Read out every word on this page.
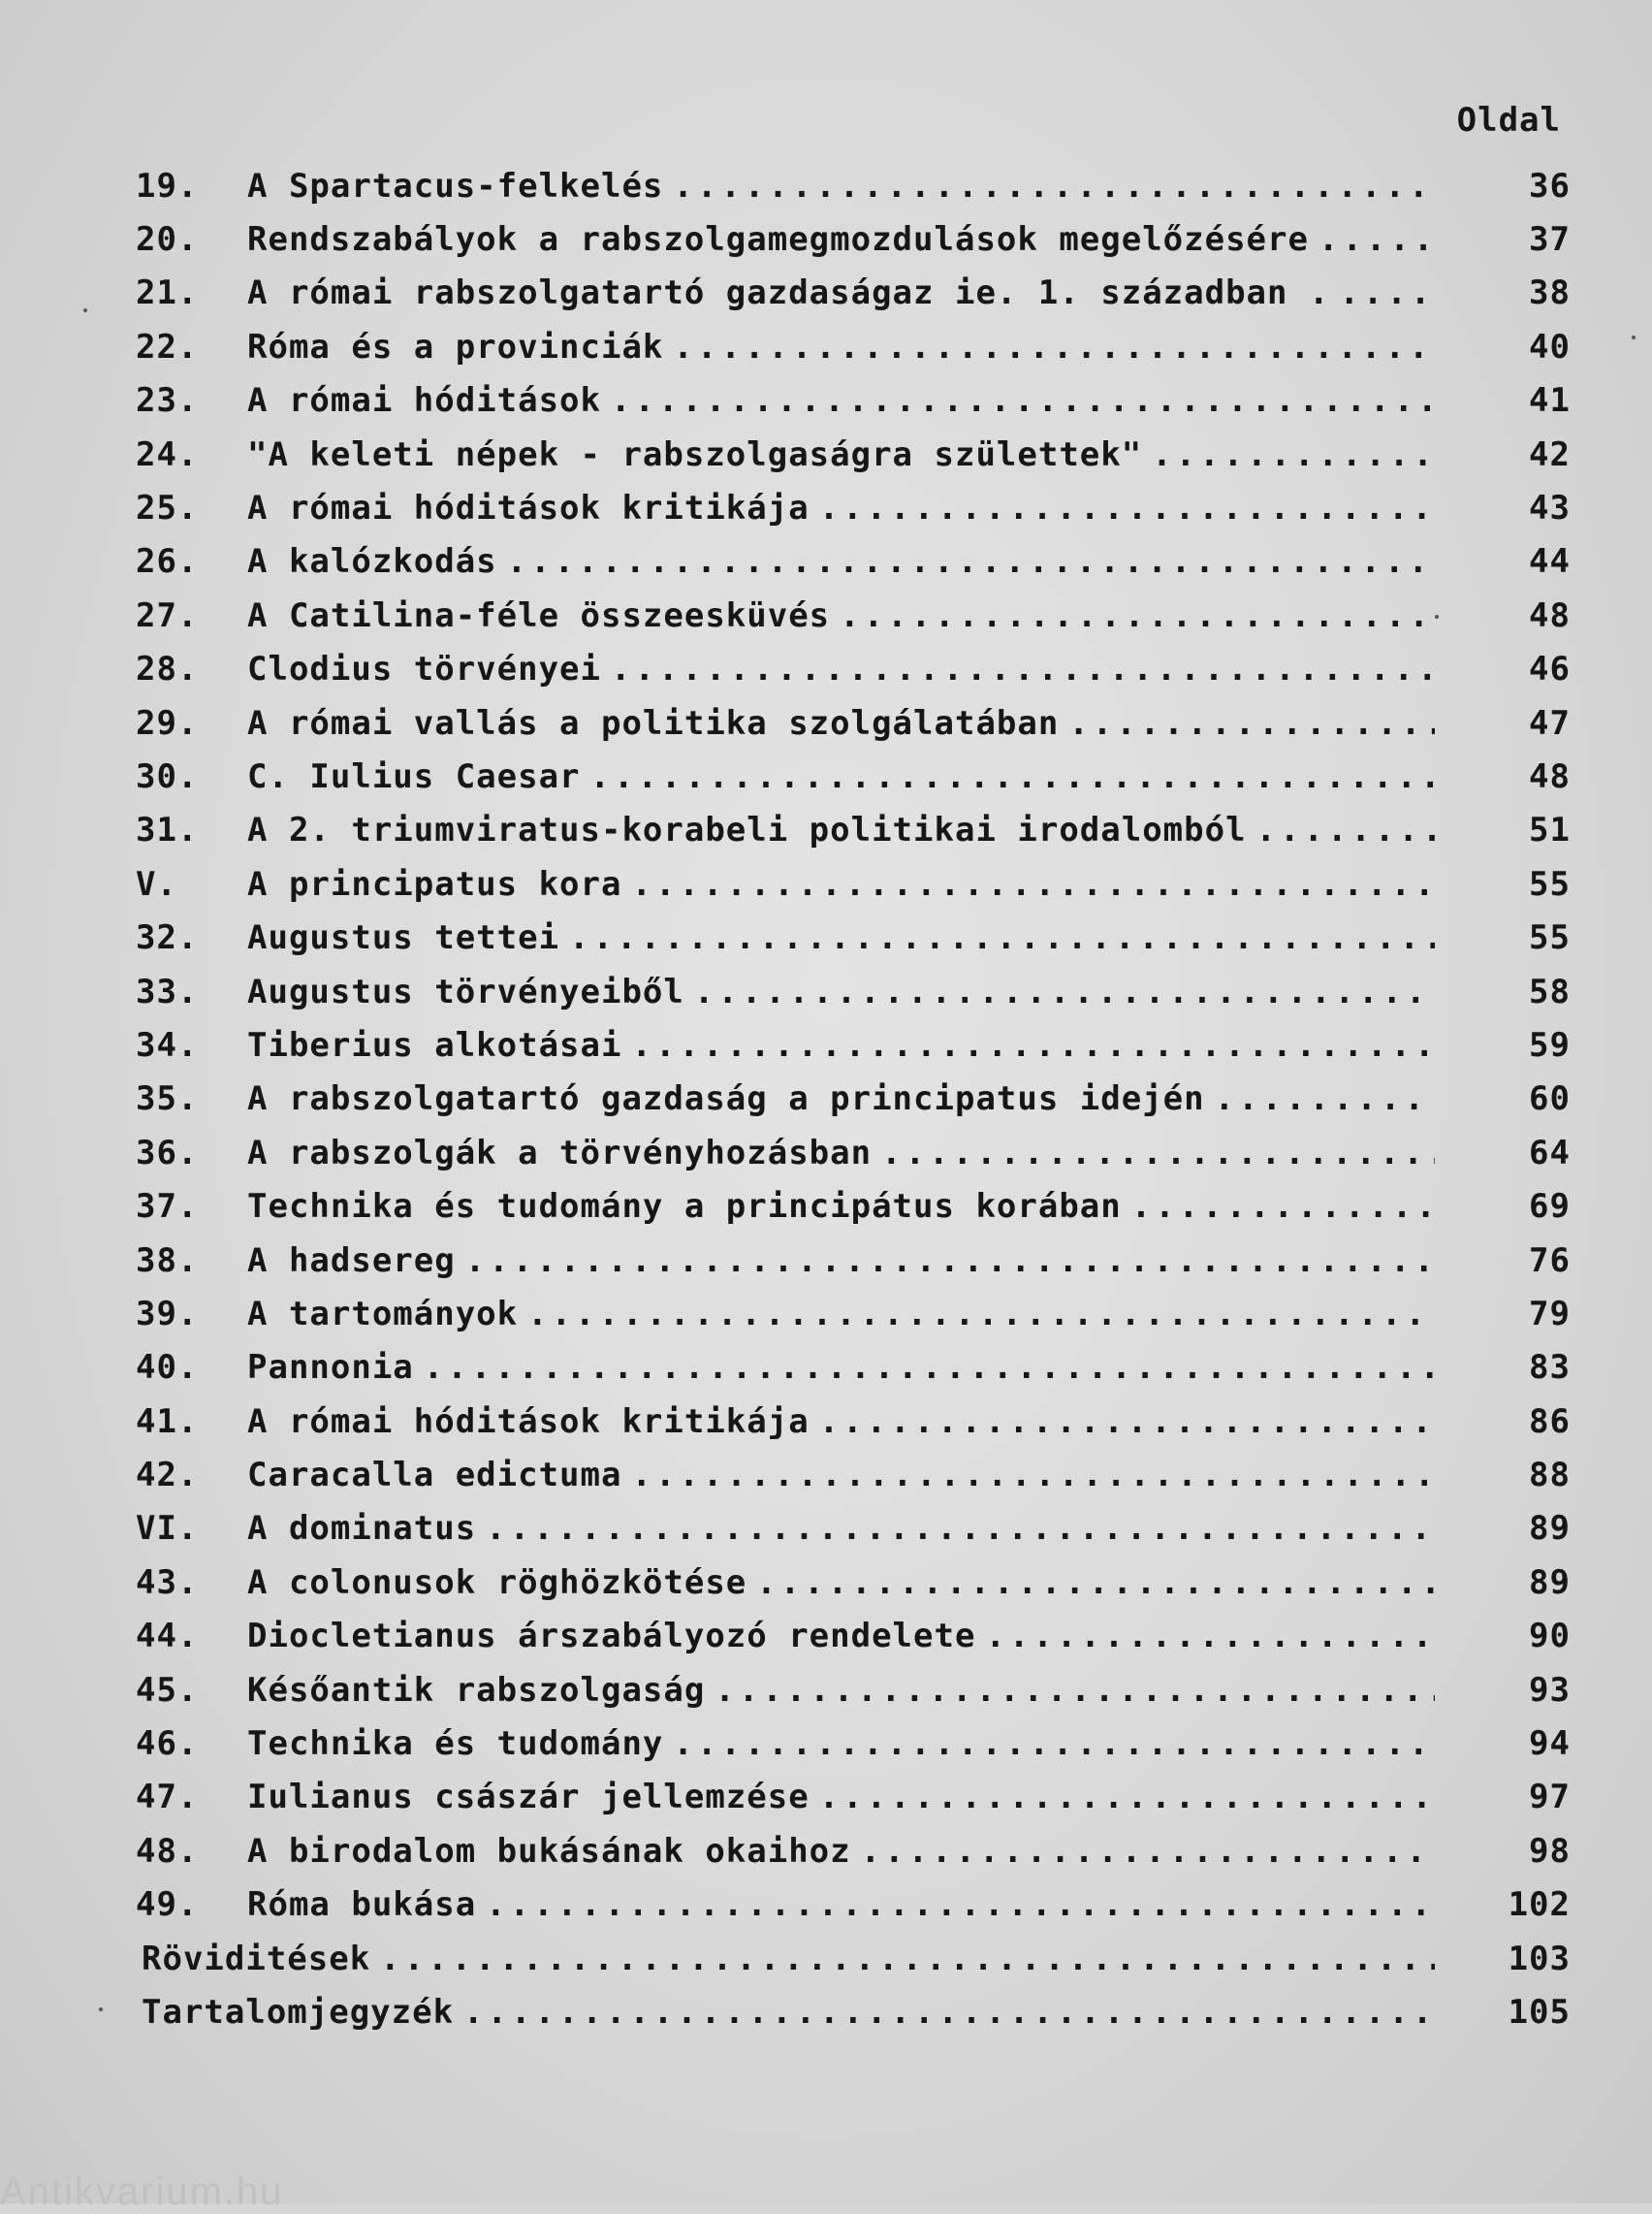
Oldal
19.	A Spartacus-felkelés .....	36
20.	Rendszabályok a rabszolgamegmozdulások megelőzésére .....	37
21.	A római rabszolgatartó gazdaságaz ie. 1. században . .....	38
22.	Róma és a provinciák .....	40
23.	A római hóditások .....	41
24.	"A keleti népek - rabszolgaságra születtek" .....	42
25.	A római hóditások kritikája .....	43
26.	A kalózkodás .....	44
27.	A Catilina-féle összeesküvés .....	48
28.	Clodius törvényei .....	46
29.	A római vallás a politika szolgálatában .....	47
30.	C. Iulius Caesar .....	48
31.	A 2. triumviratus-korabeli politikai irodalomból .....	51
V.	A principatus kora .....	55
32.	Augustus tettei .....	55
33.	Augustus törvényeiből .....	58
34.	Tiberius alkotásai .....	59
35.	A rabszolgatartó gazdaság a principatus idején .....	60
36.	A rabszolgák a törvényhozásban .....	64
37.	Technika és tudomány a principátus korában .....	69
38.	A hadsereg .....	76
39.	A tartományok .....	79
40.	Pannonia .....	83
41.	A római hóditások kritikája .....	86
42.	Caracalla edictuma .....	88
VI.	A dominatus .....	89
43.	A colonusok röghözkötése .....	89
44.	Diocletianus árszabályozó rendelete .....	90
45.	Későantik rabszolgaság .....	93
46.	Technika és tudomány .....	94
47.	Iulianus császár jellemzése .....	97
48.	A birodalom bukásának okaihoz .....	98
49.	Róma bukása .....	102
Röviditések .....	103
Tartalomjegyzék .....	105
Antikvarium.hu
